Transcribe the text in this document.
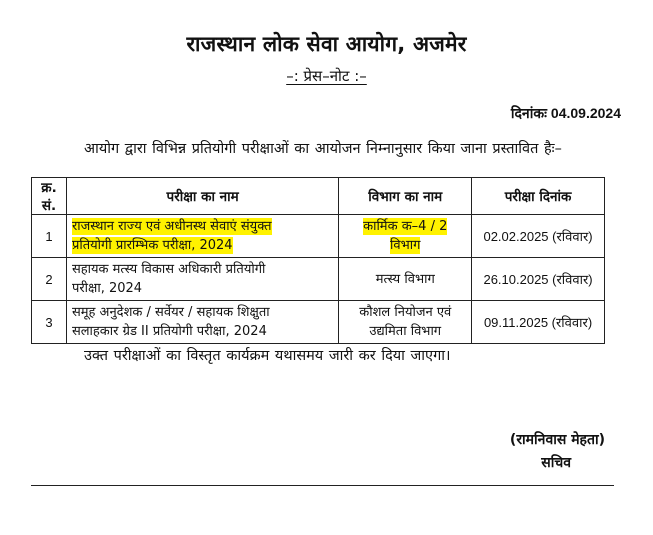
राजस्थान लोक सेवा आयोग, अजमेर
–: प्रेस–नोट :–
दिनांकः 04.09.2024
आयोग द्वारा विभिन्न प्रतियोगी परीक्षाओं का आयोजन निम्नानुसार किया जाना प्रस्तावित हैः–
क्र. सं.	परीक्षा का नाम	विभाग का नाम	परीक्षा दिनांक
1	राजस्थान राज्य एवं अधीनस्थ सेवाएं संयुक्त
प्रतियोगी प्रारम्भिक परीक्षा, 2024	कार्मिक क–4 / 2
विभाग	02.02.2025 (रविवार)
2	सहायक मत्स्य विकास अधिकारी प्रतियोगी
परीक्षा, 2024	मत्स्य विभाग	26.10.2025 (रविवार)
3	समूह अनुदेशक / सर्वेयर / सहायक शिक्षुता
सलाहकार ग्रेड II प्रतियोगी परीक्षा, 2024	कौशल नियोजन एवं
उद्यमिता विभाग	09.11.2025 (रविवार)
उक्त परीक्षाओं का विस्तृत कार्यक्रम यथासमय जारी कर दिया जाएगा।
(रामनिवास मेहता)
सचिव
